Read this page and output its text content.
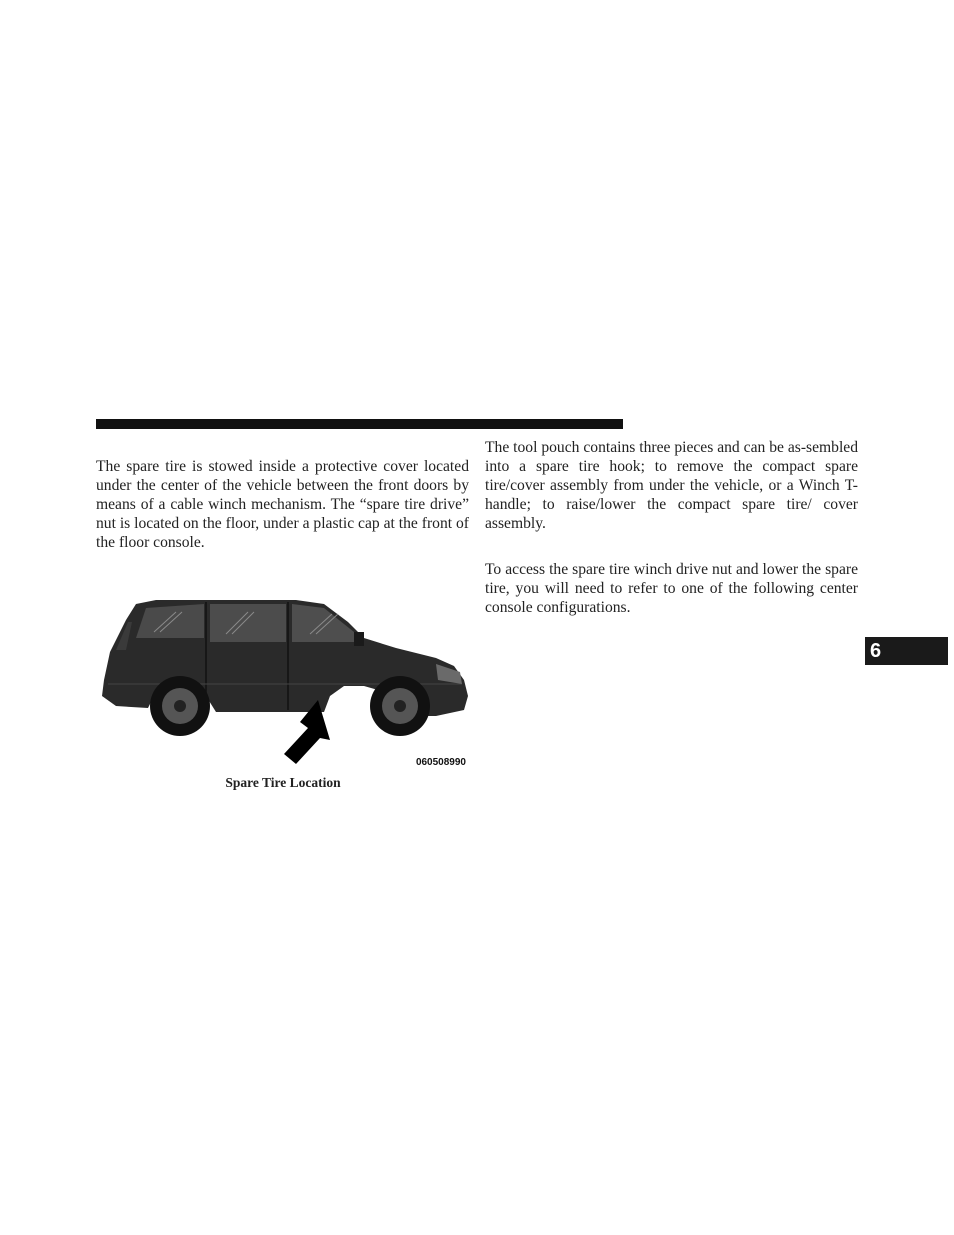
The spare tire is stowed inside a protective cover located under the center of the vehicle between the front doors by means of a cable winch mechanism. The “spare tire drive” nut is located on the floor, under a plastic cap at the front of the floor console.

060508990
Spare Tire Location

The tool pouch contains three pieces and can be as-sembled into a spare tire hook; to remove the compact spare tire/cover assembly from under the vehicle, or a Winch T-handle; to raise/lower the compact spare tire/ cover assembly.

To access the spare tire winch drive nut and lower the spare tire, you will need to refer to one of the following center console configurations.

6
